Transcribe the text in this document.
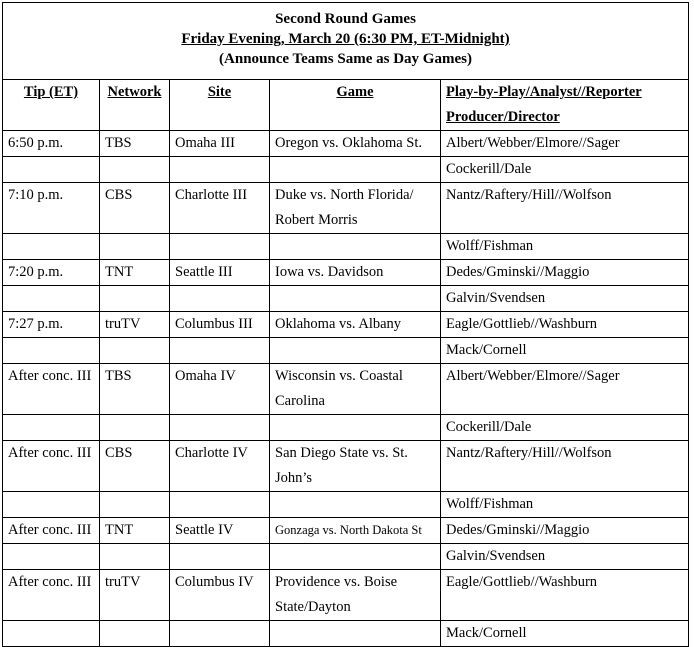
Second Round Games
Friday Evening, March 20 (6:30 PM, ET-Midnight)
(Announce Teams Same as Day Games)				

Tip (ET)	Network	Site	Game	Play-by-Play/Analyst//Reporter
Producer/Director

6:50 p.m.	TBS	Omaha III	Oregon vs. Oklahoma St.	Albert/Webber/Elmore//Sager
				Cockerill/Dale
7:10 p.m.	CBS	Charlotte III	Duke vs. North Florida/ Robert Morris	Nantz/Raftery/Hill//Wolfson
				Wolff/Fishman
7:20 p.m.	TNT	Seattle III	Iowa vs. Davidson	Dedes/Gminski//Maggio
				Galvin/Svendsen
7:27 p.m.	truTV	Columbus III	Oklahoma vs. Albany	Eagle/Gottlieb//Washburn
				Mack/Cornell
After conc. III	TBS	Omaha IV	Wisconsin vs. Coastal Carolina	Albert/Webber/Elmore//Sager
				Cockerill/Dale
After conc. III	CBS	Charlotte IV	San Diego State vs. St. John’s	Nantz/Raftery/Hill//Wolfson
				Wolff/Fishman
After conc. III	TNT	Seattle IV	Gonzaga vs. North Dakota St	Dedes/Gminski//Maggio
				Galvin/Svendsen
After conc. III	truTV	Columbus IV	Providence vs. Boise State/Dayton	Eagle/Gottlieb//Washburn
				Mack/Cornell
